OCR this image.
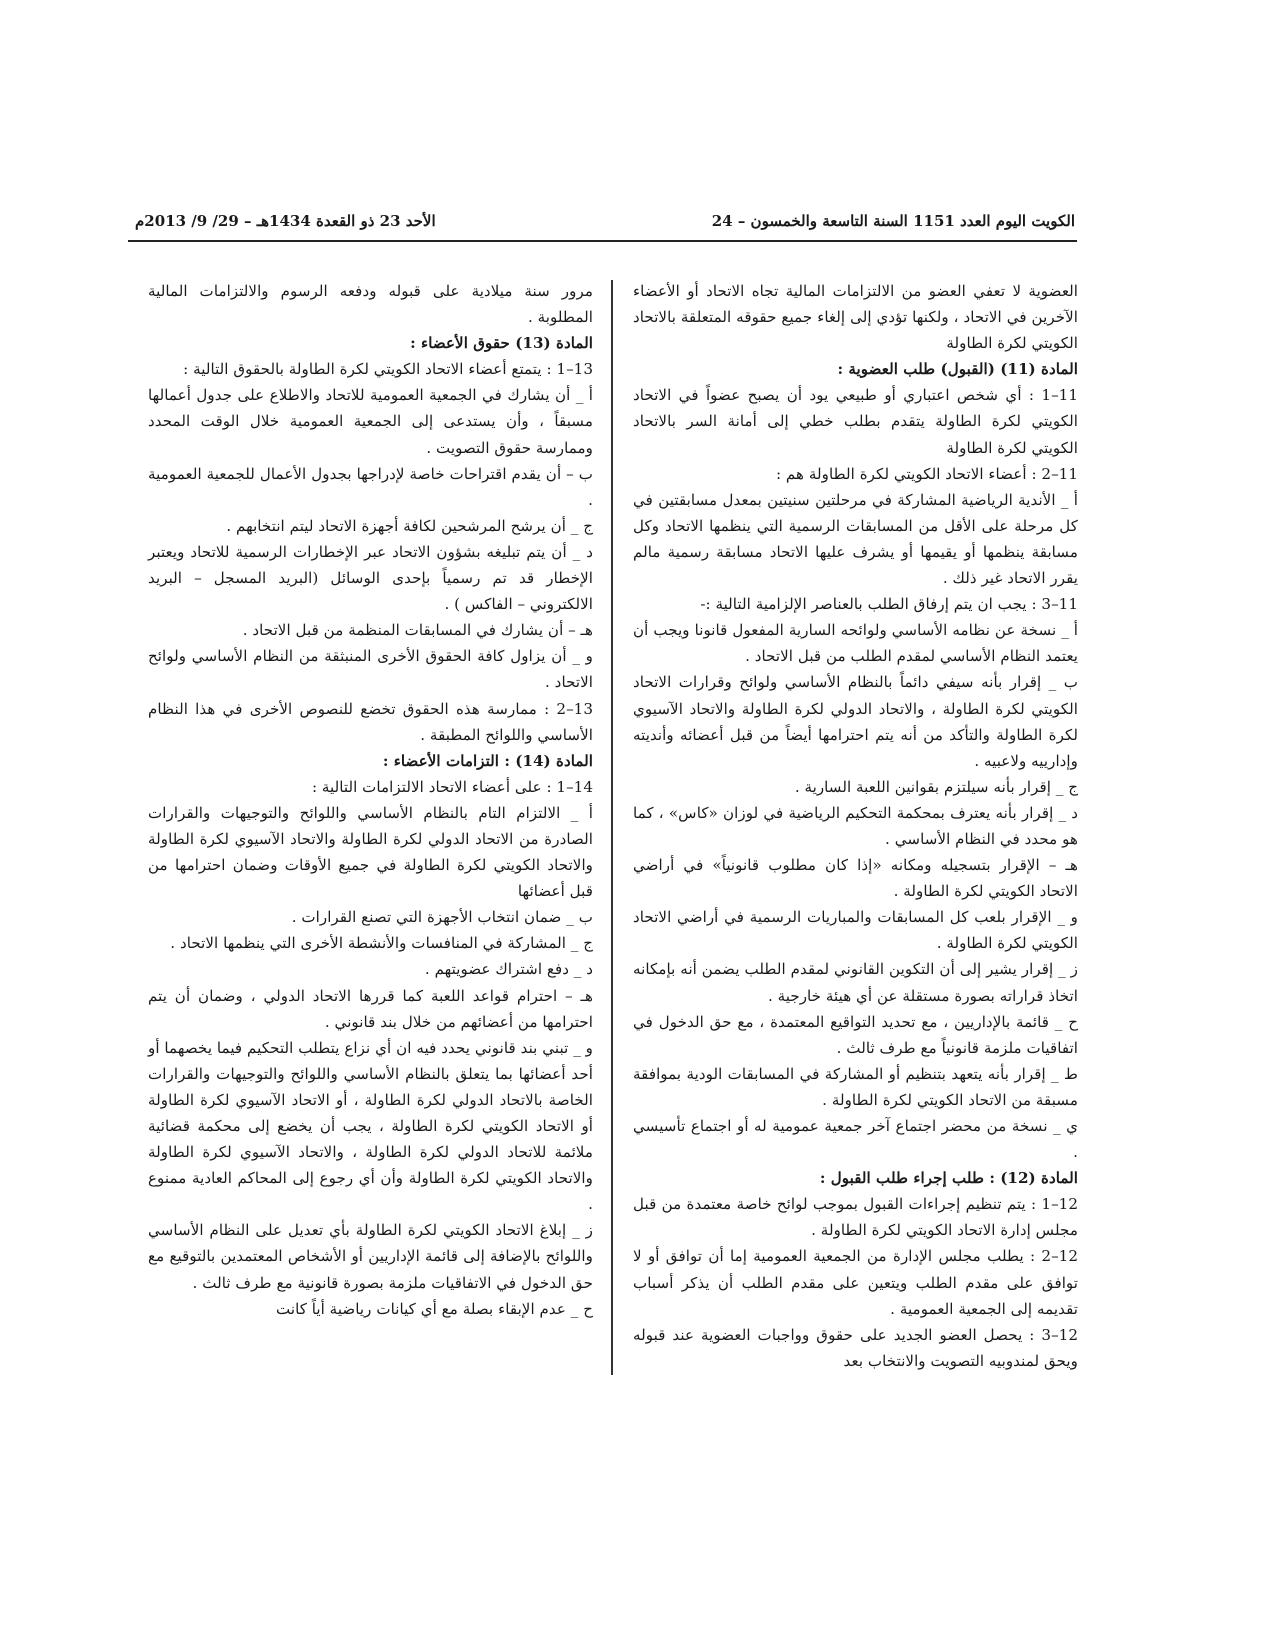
الكويت اليوم العدد 1151 السنة التاسعة والخمسون – 24
الأحد 23 ذو القعدة 1434هـ – 29/ 9/ 2013م

العضوية لا تعفي العضو من الالتزامات المالية تجاه الاتحاد أو الأعضاء الآخرين في الاتحاد ، ولكنها تؤدي إلى إلغاء جميع حقوقه المتعلقة بالاتحاد الكويتي لكرة الطاولة

المادة (11) (القبول) طلب العضوية :

11–1 : أي شخص اعتباري أو طبيعي يود أن يصبح عضواً في الاتحاد الكويتي لكرة الطاولة يتقدم بطلب خطي إلى أمانة السر بالاتحاد الكويتي لكرة الطاولة

11–2 : أعضاء الاتحاد الكويتي لكرة الطاولة هم :

أ _ الأندية الرياضية المشاركة في مرحلتين سنيتين بمعدل مسابقتين في كل مرحلة على الأقل من المسابقات الرسمية التي ينظمها الاتحاد وكل مسابقة ينظمها أو يقيمها أو يشرف عليها الاتحاد مسابقة رسمية مالم يقرر الاتحاد غير ذلك .

11–3 : يجب ان يتم إرفاق الطلب بالعناصر الإلزامية التالية :-

أ _ نسخة عن نظامه الأساسي ولوائحه السارية المفعول قانونا ويجب أن يعتمد النظام الأساسي لمقدم الطلب من قبل الاتحاد .

ب _ إقرار بأنه سيفي دائماً بالنظام الأساسي ولوائح وقرارات الاتحاد الكويتي لكرة الطاولة ، والاتحاد الدولي لكرة الطاولة والاتحاد الآسيوي لكرة الطاولة والتأكد من أنه يتم احترامها أيضاً من قبل أعضائه وأنديته وإدارييه ولاعبيه .

ج _ إقرار بأنه سيلتزم بقوانين اللعبة السارية .

د _ إقرار بأنه يعترف بمحكمة التحكيم الرياضية في لوزان «كاس» ، كما هو محدد في النظام الأساسي .

هـ – الإقرار بتسجيله ومكانه «إذا كان مطلوب قانونياً» في أراضي الاتحاد الكويتي لكرة الطاولة .

و _ الإقرار بلعب كل المسابقات والمباريات الرسمية في أراضي الاتحاد الكويتي لكرة الطاولة .

ز _ إقرار يشير إلى أن التكوين القانوني لمقدم الطلب يضمن أنه بإمكانه اتخاذ قراراته بصورة مستقلة عن أي هيئة خارجية .

ح _ قائمة بالإداريين ، مع تحديد التواقيع المعتمدة ، مع حق الدخول في اتفاقيات ملزمة قانونياً مع طرف ثالث .

ط _ إقرار بأنه يتعهد بتنظيم أو المشاركة في المسابقات الودية بموافقة مسبقة من الاتحاد الكويتي لكرة الطاولة .

ي _ نسخة من محضر اجتماع آخر جمعية عمومية له أو اجتماع تأسيسي .

المادة (12) : طلب إجراء طلب القبول :

12–1 : يتم تنظيم إجراءات القبول بموجب لوائح خاصة معتمدة من قبل مجلس إدارة الاتحاد الكويتي لكرة الطاولة .

12–2 : يطلب مجلس الإدارة من الجمعية العمومية إما أن توافق أو لا توافق على مقدم الطلب ويتعين على مقدم الطلب أن يذكر أسباب تقديمه إلى الجمعية العمومية .

12–3 : يحصل العضو الجديد على حقوق وواجبات العضوية عند قبوله ويحق لمندوبيه التصويت والانتخاب بعد

مرور سنة ميلادية على قبوله ودفعه الرسوم والالتزامات المالية المطلوبة .

المادة (13) حقوق الأعضاء :

13–1 : يتمتع أعضاء الاتحاد الكويتي لكرة الطاولة بالحقوق التالية :

أ _ أن يشارك في الجمعية العمومية للاتحاد والاطلاع على جدول أعمالها مسبقاً ، وأن يستدعى إلى الجمعية العمومية خلال الوقت المحدد وممارسة حقوق التصويت .

ب – أن يقدم اقتراحات خاصة لإدراجها بجدول الأعمال للجمعية العمومية .

ج _ أن يرشح المرشحين لكافة أجهزة الاتحاد ليتم انتخابهم .

د _ أن يتم تبليغه بشؤون الاتحاد عبر الإخطارات الرسمية للاتحاد ويعتبر الإخطار قد تم رسمياً بإحدى الوسائل (البريد المسجل – البريد الالكتروني – الفاكس ) .

هـ – أن يشارك في المسابقات المنظمة من قبل الاتحاد .

و _ أن يزاول كافة الحقوق الأخرى المنبثقة من النظام الأساسي ولوائح الاتحاد .

13–2 : ممارسة هذه الحقوق تخضع للنصوص الأخرى في هذا النظام الأساسي واللوائح المطبقة .

المادة (14) : التزامات الأعضاء :

14–1 : على أعضاء الاتحاد الالتزامات التالية :

أ _ الالتزام التام بالنظام الأساسي واللوائح والتوجيهات والقرارات الصادرة من الاتحاد الدولي لكرة الطاولة والاتحاد الآسيوي لكرة الطاولة والاتحاد الكويتي لكرة الطاولة في جميع الأوقات وضمان احترامها من قبل أعضائها

ب _ ضمان انتخاب الأجهزة التي تصنع القرارات .

ج _ المشاركة في المنافسات والأنشطة الأخرى التي ينظمها الاتحاد .

د _ دفع اشتراك عضويتهم .

هـ – احترام قواعد اللعبة كما قررها الاتحاد الدولي ، وضمان أن يتم احترامها من أعضائهم من خلال بند قانوني .

و _ تبني بند قانوني يحدد فيه ان أي نزاع يتطلب التحكيم فيما يخصهما أو أحد أعضائها بما يتعلق بالنظام الأساسي واللوائح والتوجيهات والقرارات الخاصة بالاتحاد الدولي لكرة الطاولة ، أو الاتحاد الآسيوي لكرة الطاولة أو الاتحاد الكويتي لكرة الطاولة ، يجب أن يخضع إلى محكمة قضائية ملائمة للاتحاد الدولي لكرة الطاولة ، والاتحاد الآسيوي لكرة الطاولة والاتحاد الكويتي لكرة الطاولة وأن أي رجوع إلى المحاكم العادية ممنوع .

ز _ إبلاغ الاتحاد الكويتي لكرة الطاولة بأي تعديل على النظام الأساسي واللوائح بالإضافة إلى قائمة الإداريين أو الأشخاص المعتمدين بالتوقيع مع حق الدخول في الاتفاقيات ملزمة بصورة قانونية مع طرف ثالث .

ح _ عدم الإبقاء بصلة مع أي كيانات رياضية أياً كانت
